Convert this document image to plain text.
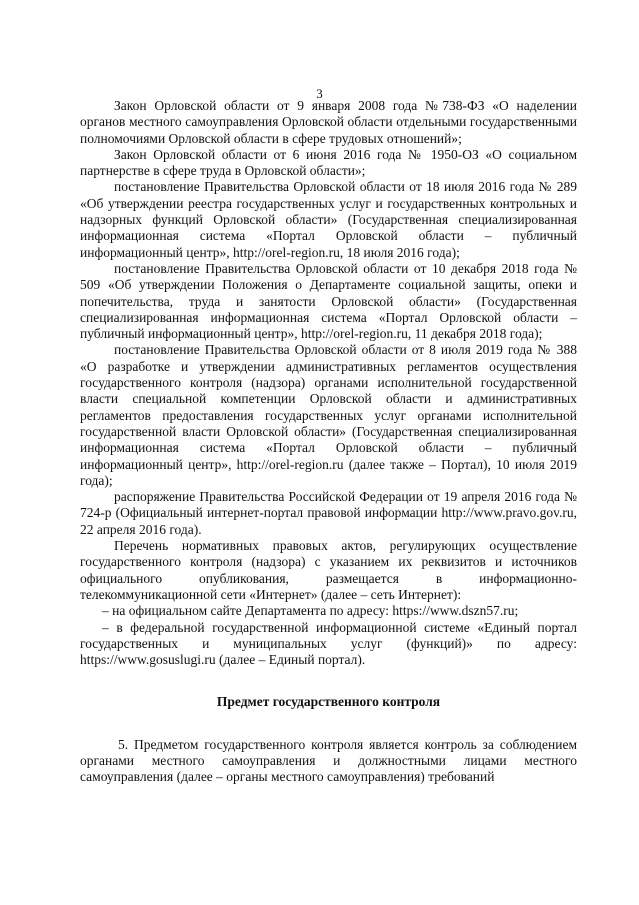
3

Закон Орловской области от 9 января 2008 года №738-ФЗ «О наделении органов местного самоуправления Орловской области отдельными государственными полномочиями Орловской области в сфере трудовых отношений»;

Закон Орловской области от 6 июня 2016 года № 1950-ОЗ «О социальном партнерстве в сфере труда в Орловской области»;

постановление Правительства Орловской области от 18 июля 2016 года № 289 «Об утверждении реестра государственных услуг и государственных контрольных и надзорных функций Орловской области» (Государственная специализированная информационная система «Портал Орловской области – публичный информационный центр», http://orel-region.ru, 18 июля 2016 года);

постановление Правительства Орловской области от 10 декабря 2018 года № 509 «Об утверждении Положения о Департаменте социальной защиты, опеки и попечительства, труда и занятости Орловской области» (Государственная специализированная информационная система «Портал Орловской области – публичный информационный центр», http://orel-region.ru, 11 декабря 2018 года);

постановление Правительства Орловской области от 8 июля 2019 года № 388 «О разработке и утверждении административных регламентов осуществления государственного контроля (надзора) органами исполнительной государственной власти специальной компетенции Орловской области и административных регламентов предоставления государственных услуг органами исполнительной государственной власти Орловской области» (Государственная специализированная информационная система «Портал Орловской области – публичный информационный центр», http://orel-region.ru (далее также – Портал), 10 июля 2019 года);

распоряжение Правительства Российской Федерации от 19 апреля 2016 года № 724-р (Официальный интернет-портал правовой информации http://www.pravo.gov.ru, 22 апреля 2016 года).

Перечень нормативных правовых актов, регулирующих осуществление государственного контроля (надзора) с указанием их реквизитов и источников официального опубликования, размещается в информационно-телекоммуникационной сети «Интернет» (далее – сеть Интернет):

– на официальном сайте Департамента по адресу: https://www.dszn57.ru;

– в федеральной государственной информационной системе «Единый портал государственных и муниципальных услуг (функций)» по адресу: https://www.gosuslugi.ru (далее – Единый портал).

Предмет государственного контроля

5. Предметом государственного контроля является контроль за соблюдением органами местного самоуправления и должностными лицами местного самоуправления (далее – органы местного самоуправления) требований
